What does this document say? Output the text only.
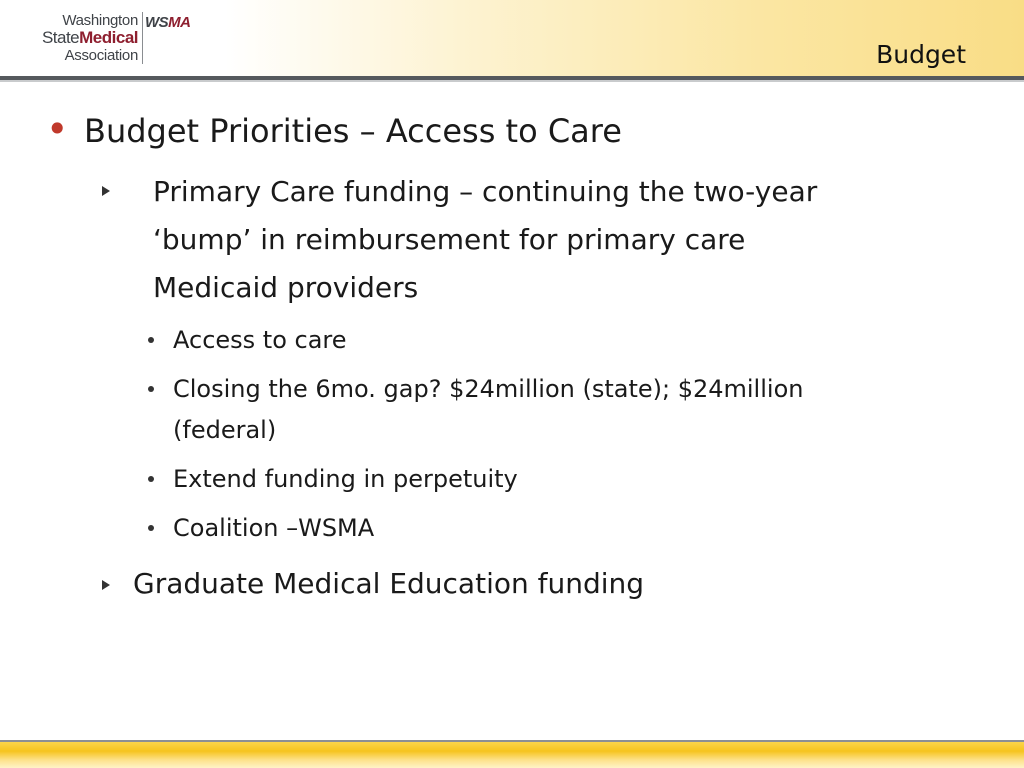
Washington
StateMedical
Association
WSMA
Budget
• Budget Priorities – Access to Care
Primary Care funding – continuing the two-year
‘bump’ in reimbursement for primary care
Medicaid providers
Access to care
Closing the 6mo. gap? $24million (state); $24million
(federal)
Extend funding in perpetuity
Coalition –WSMA
Graduate Medical Education funding
